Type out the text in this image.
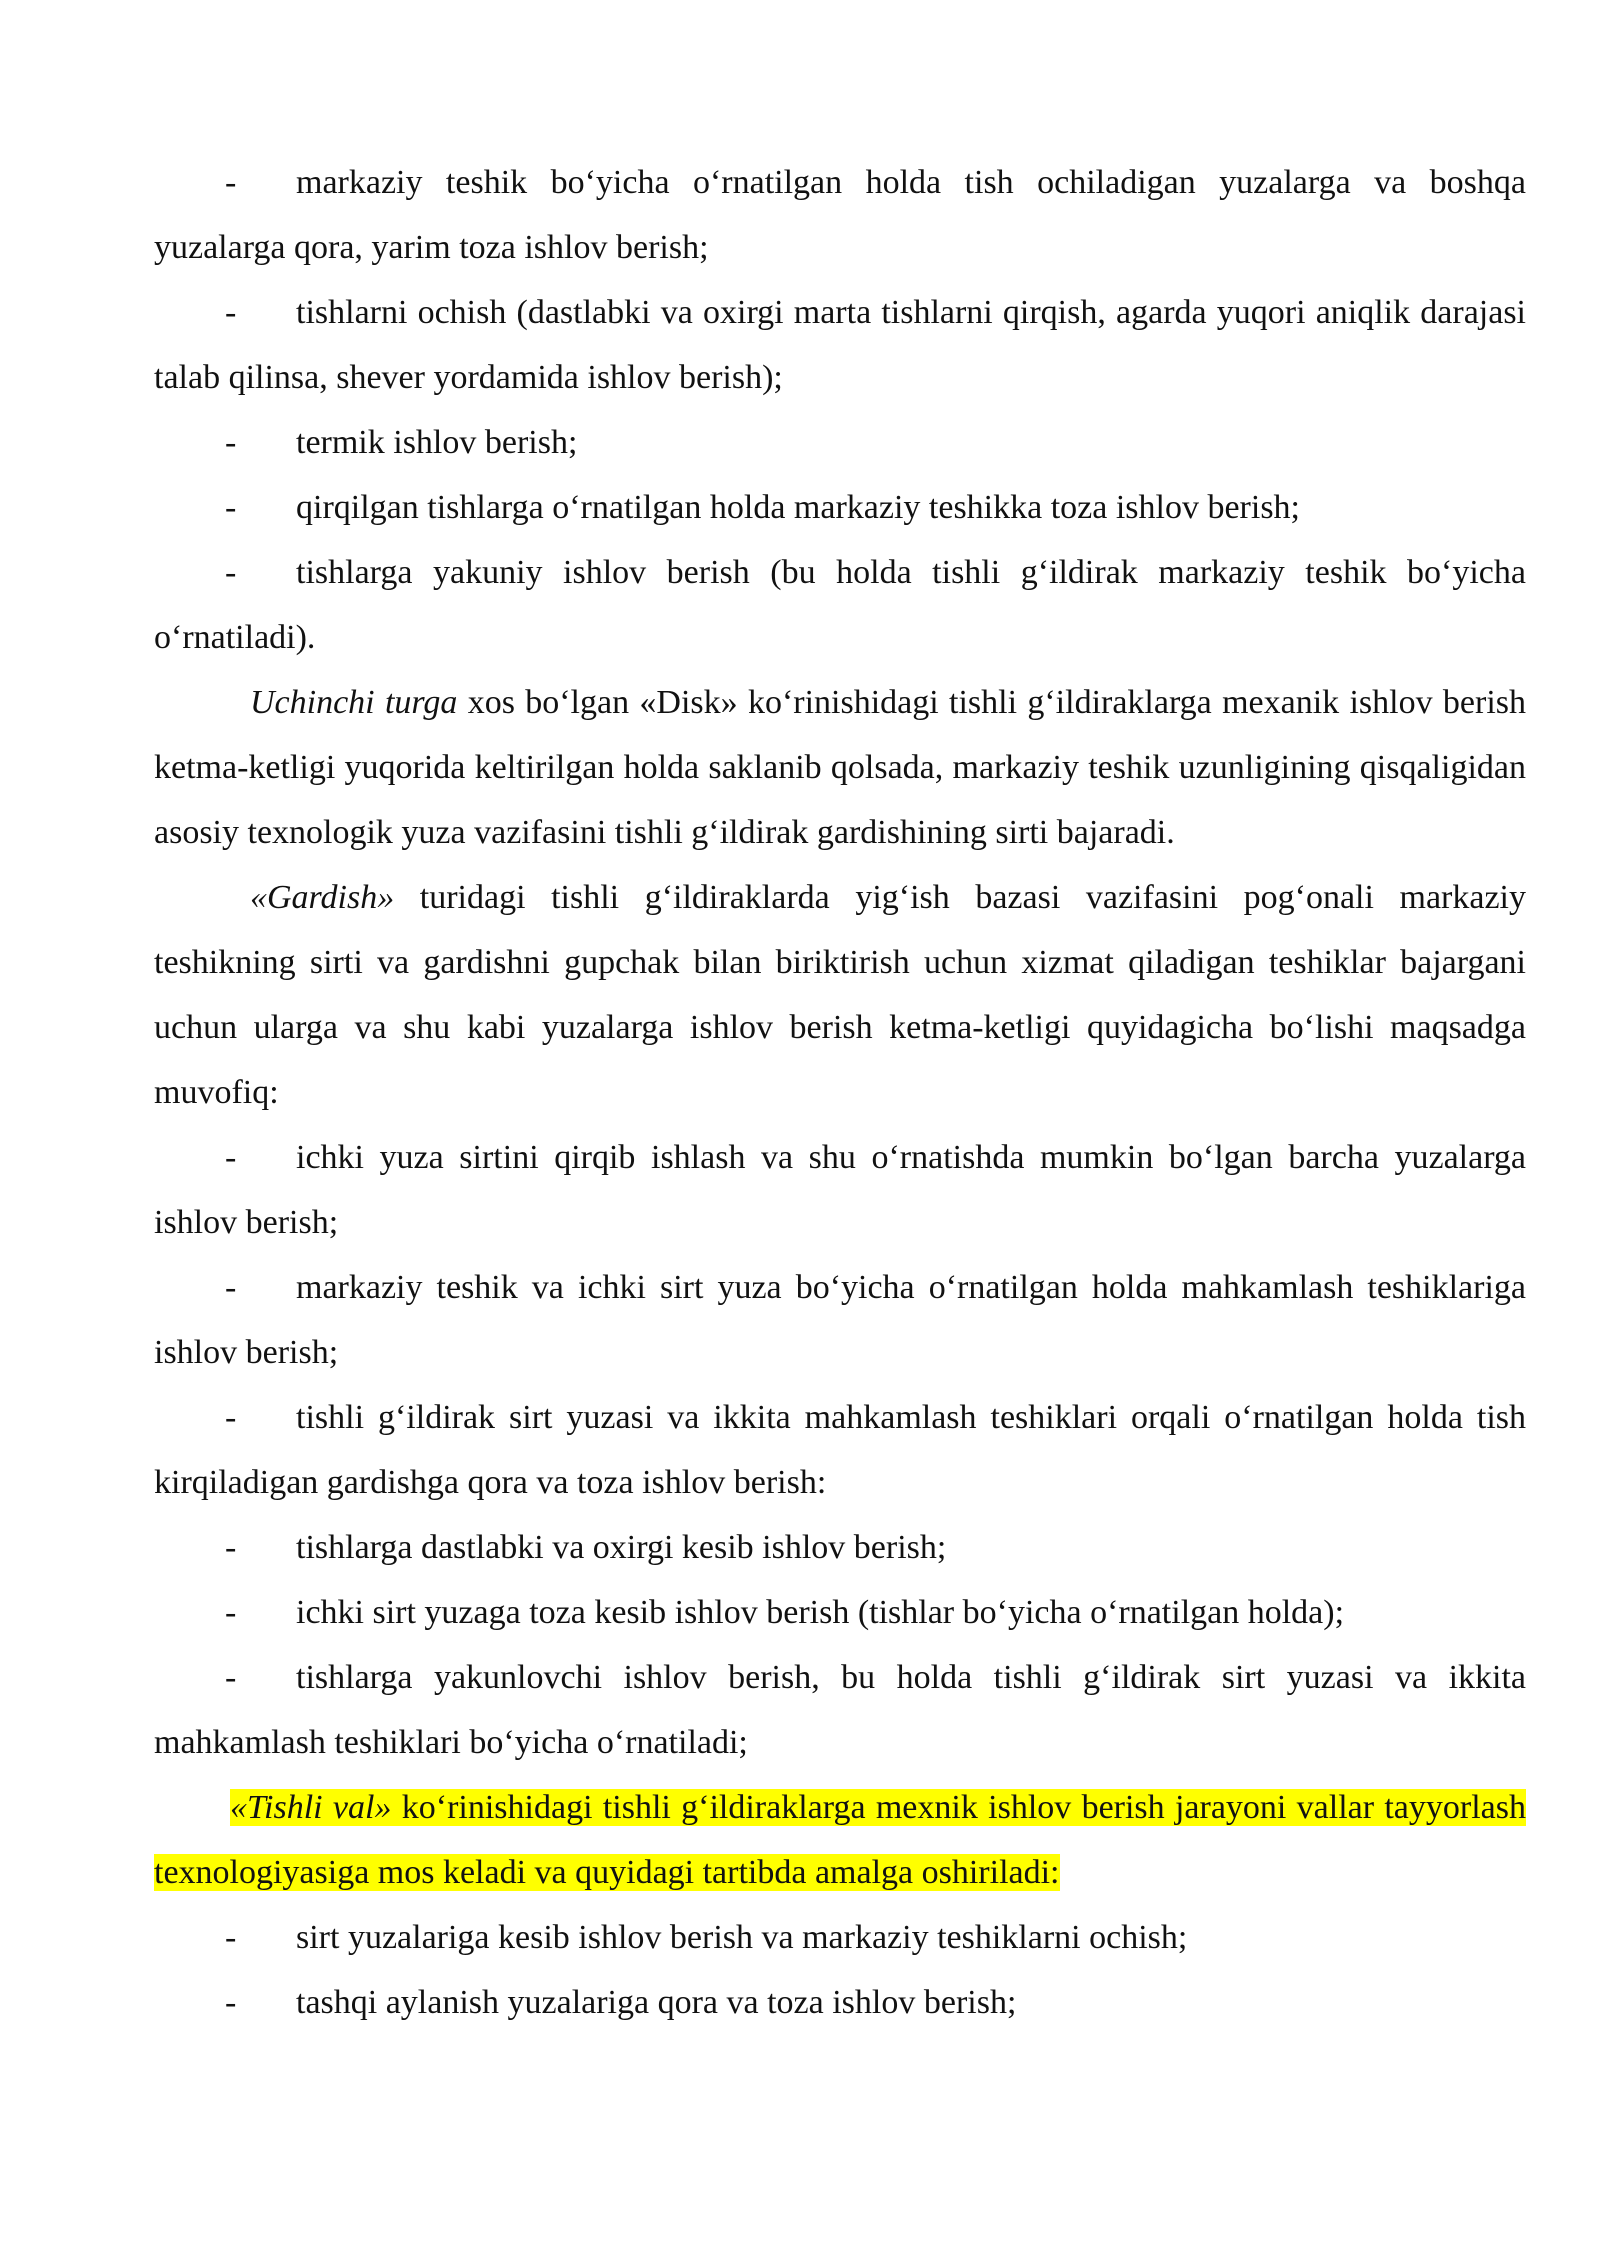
- markaziy teshik bo‘yicha o‘rnatilgan holda tish ochiladigan yuzalarga va boshqa yuzalarga qora, yarim toza ishlov berish;

- tishlarni ochish (dastlabki va oxirgi marta tishlarni qirqish, agarda yuqori aniqlik darajasi talab qilinsa, shever yordamida ishlov berish);

- termik ishlov berish;

- qirqilgan tishlarga o‘rnatilgan holda markaziy teshikka toza ishlov berish;

- tishlarga yakuniy ishlov berish (bu holda tishli g‘ildirak markaziy teshik bo‘yicha o‘rnatiladi).

Uchinchi turga xos bo‘lgan «Disk» ko‘rinishidagi tishli g‘ildiraklarga mexanik ishlov berish ketma-ketligi yuqorida keltirilgan holda saklanib qolsada, markaziy teshik uzunligining qisqaligidan asosiy texnologik yuza vazifasini tishli g‘ildirak gardishining sirti bajaradi.

«Gardish» turidagi tishli g‘ildiraklarda yig‘ish bazasi vazifasini pog‘onali markaziy teshikning sirti va gardishni gupchak bilan biriktirish uchun xizmat qiladigan teshiklar bajargani uchun ularga va shu kabi yuzalarga ishlov berish ketma-ketligi quyidagicha bo‘lishi maqsadga muvofiq:

- ichki yuza sirtini qirqib ishlash va shu o‘rnatishda mumkin bo‘lgan barcha yuzalarga ishlov berish;

- markaziy teshik va ichki sirt yuza bo‘yicha o‘rnatilgan holda mahkamlash teshiklariga ishlov berish;

- tishli g‘ildirak sirt yuzasi va ikkita mahkamlash teshiklari orqali o‘rnatilgan holda tish kirqiladigan gardishga qora va toza ishlov berish:

- tishlarga dastlabki va oxirgi kesib ishlov berish;

- ichki sirt yuzaga toza kesib ishlov berish (tishlar bo‘yicha o‘rnatilgan holda);

- tishlarga yakunlovchi ishlov berish, bu holda tishli g‘ildirak sirt yuzasi va ikkita mahkamlash teshiklari bo‘yicha o‘rnatiladi;

«Tishli val» ko‘rinishidagi tishli g‘ildiraklarga mexnik ishlov berish jarayoni vallar tayyorlash texnologiyasiga mos keladi va quyidagi tartibda amalga oshiriladi:

- sirt yuzalariga kesib ishlov berish va markaziy teshiklarni ochish;

- tashqi aylanish yuzalariga qora va toza ishlov berish;
